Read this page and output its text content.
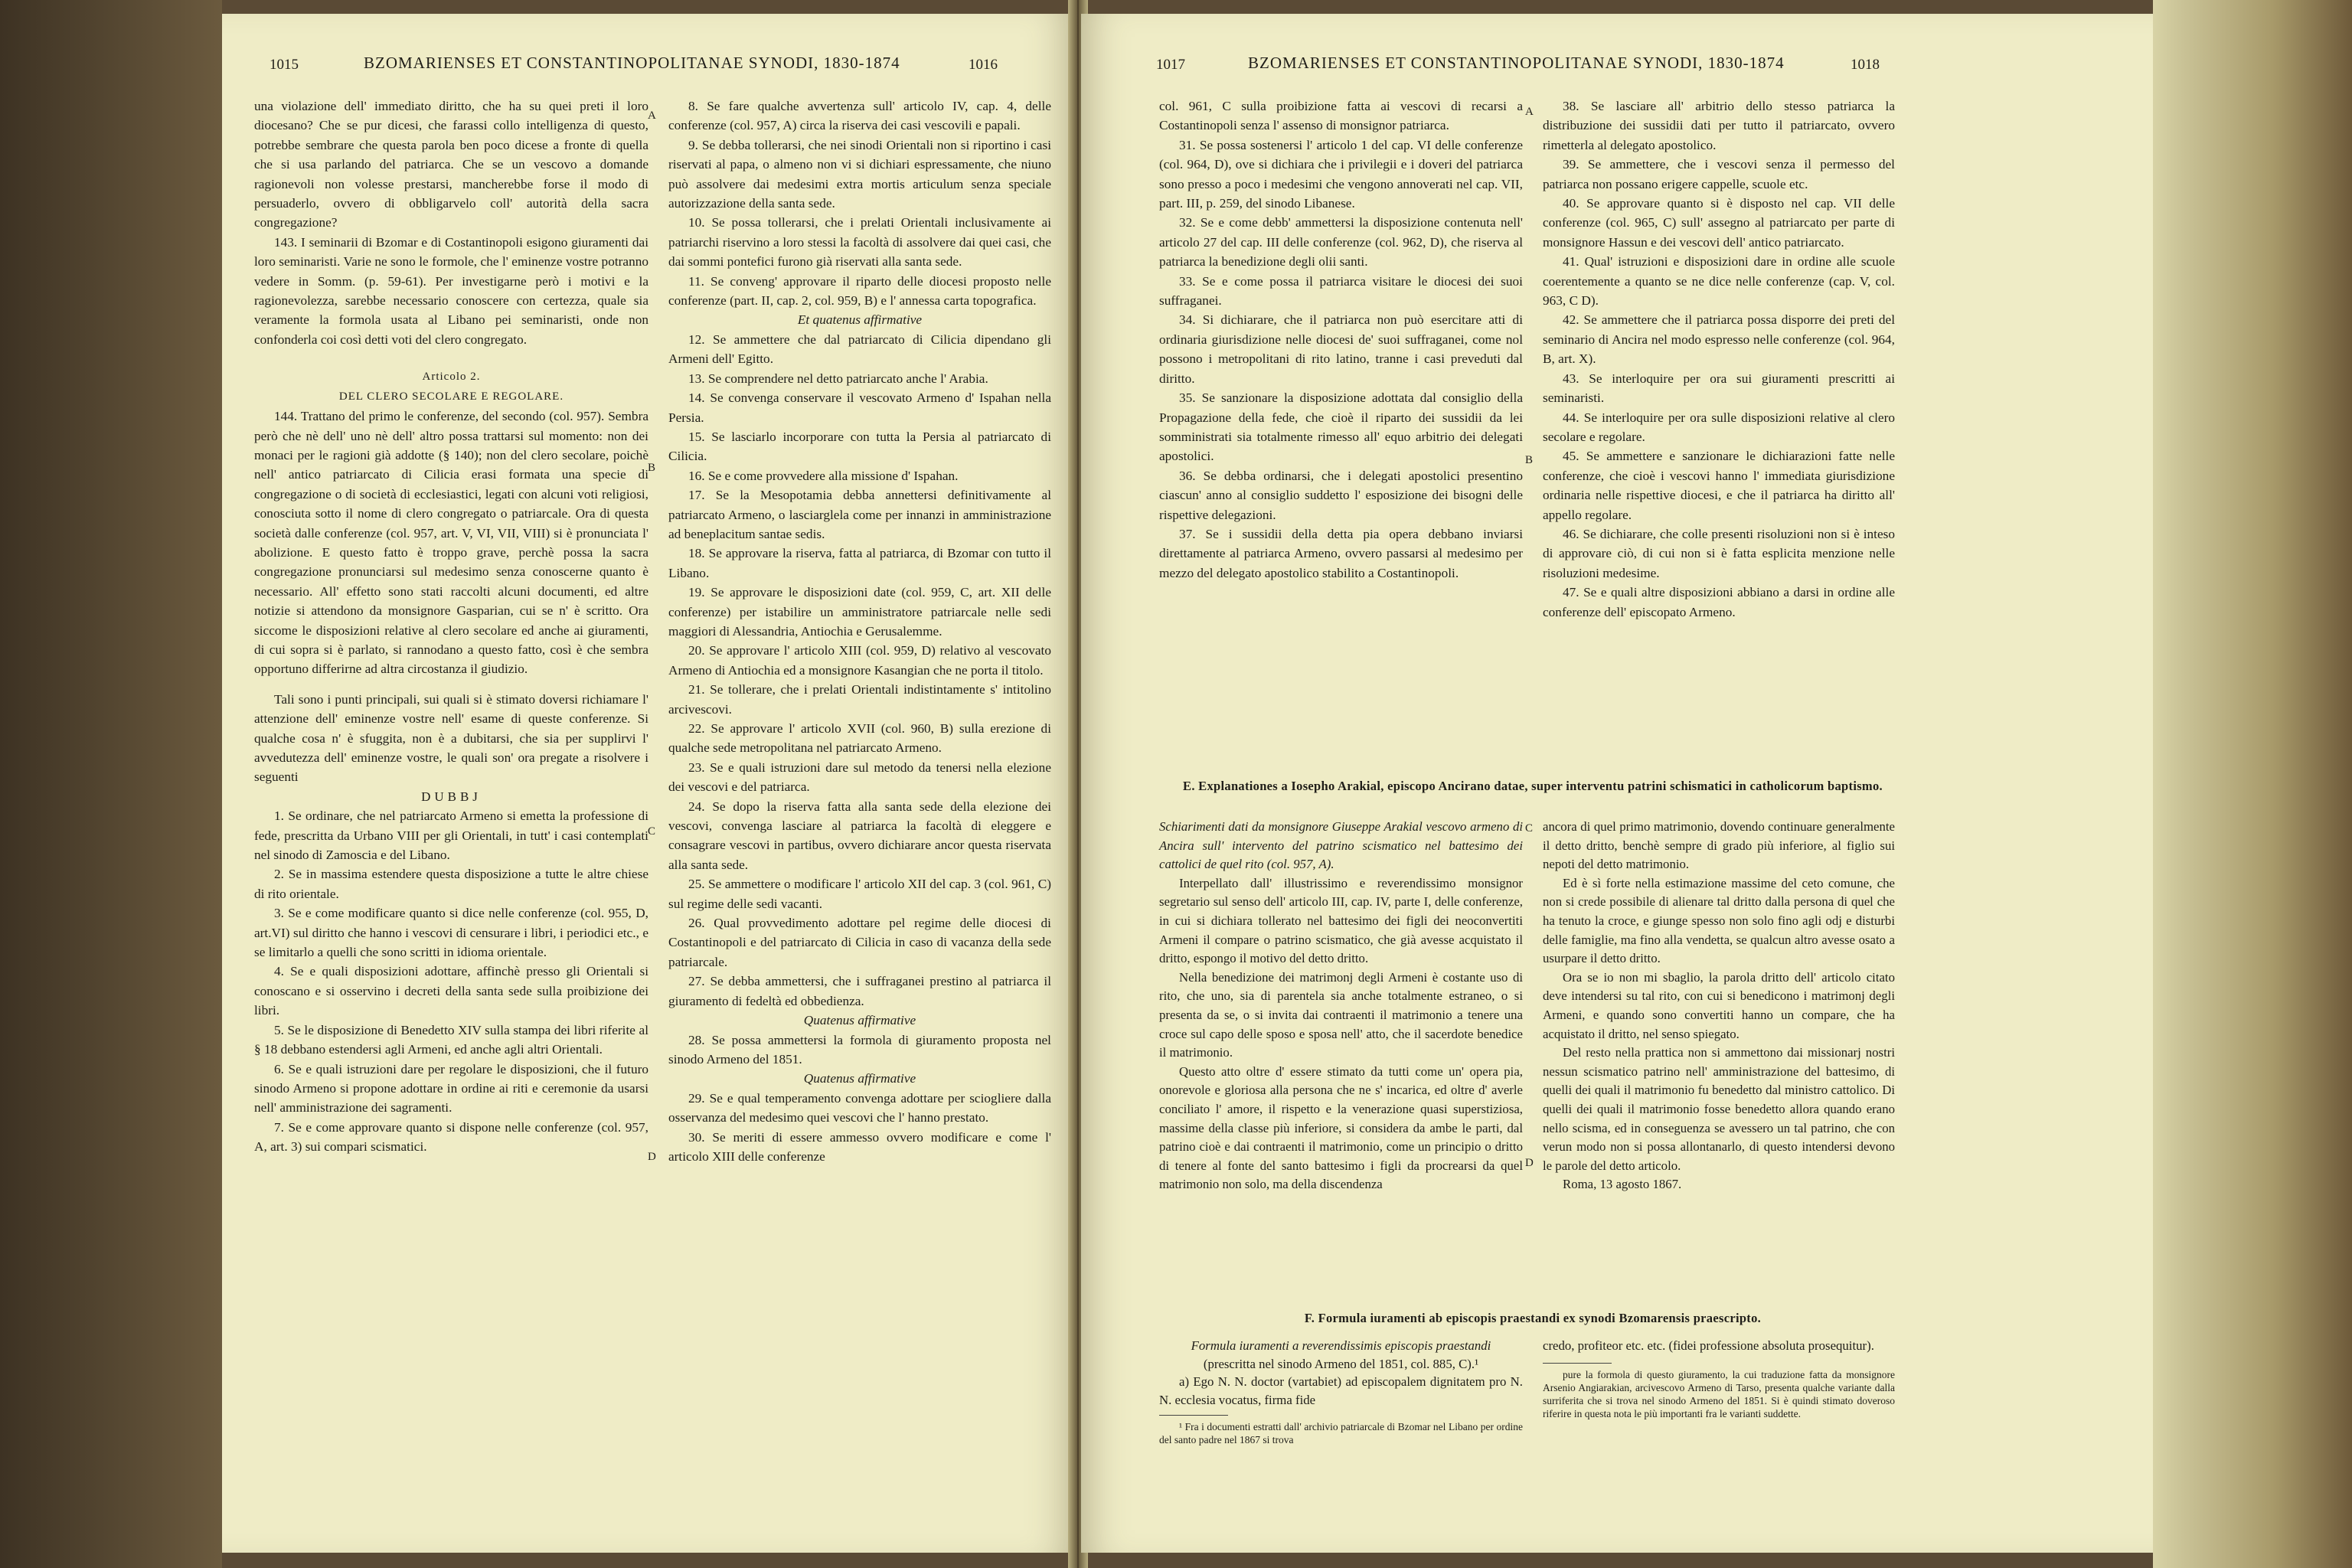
1015	BZOMARIENSES ET CONSTANTINOPOLITANAE SYNODI, 1830-1874	1016

una violazione dell' immediato diritto, che ha su quei preti il loro diocesano? Che se pur dicesi, che farassi collo intelligenza di questo, potrebbe sembrare che questa parola ben poco dicese a fronte di quella che si usa parlando del patriarca. Che se un vescovo a domande ragionevoli non volesse prestarsi, mancherebbe forse il modo di persuaderlo, ovvero di obbligarvelo coll' autorità della sacra congregazione?

143. I seminarii di Bzomar e di Costantinopoli esigono giuramenti dai loro seminaristi. Varie ne sono le formole, che l' eminenze vostre potranno vedere in Somm. (p. 59-61). Per investigarne però i motivi e la ragionevolezza, sarebbe necessario conoscere con certezza, quale sia veramente la formola usata al Libano pei seminaristi, onde non confonderla coi così detti voti del clero congregato.

Articolo 2.

DEL CLERO SECOLARE E REGOLARE.

144. Trattano del primo le conferenze, del secondo (col. 957). Sembra però che nè dell' uno nè dell' altro possa trattarsi sul momento: non dei monaci per le ragioni già addotte (§ 140); non del clero secolare, poichè nell' antico patriarcato di Cilicia erasi formata una specie di congregazione o di società di ecclesiastici, legati con alcuni voti religiosi, conosciuta sotto il nome di clero congregato o patriarcale. Ora di questa società dalle conferenze (col. 957, art. V, VI, VII, VIII) si è pronunciata l' abolizione. E questo fatto è troppo grave, perchè possa la sacra congregazione pronunciarsi sul medesimo senza conoscerne quanto è necessario. All' effetto sono stati raccolti alcuni documenti, ed altre notizie si attendono da monsignore Gasparian, cui se n' è scritto. Ora siccome le disposizioni relative al clero secolare ed anche ai giuramenti, di cui sopra si è parlato, si rannodano a questo fatto, così è che sembra opportuno differirne ad altra circostanza il giudizio.

Tali sono i punti principali, sui quali si è stimato doversi richiamare l' attenzione dell' eminenze vostre nell' esame di queste conferenze. Si qualche cosa n' è sfuggita, non è a dubitarsi, che sia per supplirvi l' avvedutezza dell' eminenze vostre, le quali son' ora pregate a risolvere i seguenti

DUBBJ

1. Se ordinare, che nel patriarcato Armeno si emetta la professione di fede, prescritta da Urbano VIII per gli Orientali, in tutt' i casi contemplati nel sinodo di Zamoscia e del Libano.

2. Se in massima estendere questa disposizione a tutte le altre chiese di rito orientale.

3. Se e come modificare quanto si dice nelle conferenze (col. 955, D, art.VI) sul diritto che hanno i vescovi di censurare i libri, i periodici etc., e se limitarlo a quelli che sono scritti in idioma orientale.

4. Se e quali disposizioni adottare, affinchè presso gli Orientali si conoscano e si osservino i decreti della santa sede sulla proibizione dei libri.

5. Se le disposizione di Benedetto XIV sulla stampa dei libri riferite al § 18 debbano estendersi agli Armeni, ed anche agli altri Orientali.

6. Se e quali istruzioni dare per regolare le disposizioni, che il futuro sinodo Armeno si propone adottare in ordine ai riti e ceremonie da usarsi nell' amministrazione dei sagramenti.

7. Se e come approvare quanto si dispone nelle conferenze (col. 957, A, art. 3) sui compari scismatici.

8. Se fare qualche avvertenza sull' articolo IV, cap. 4, delle conferenze (col. 957, A) circa la riserva dei casi vescovili e papali.

9. Se debba tollerarsi, che nei sinodi Orientali non si riportino i casi riservati al papa, o almeno non vi si dichiari espressamente, che niuno può assolvere dai medesimi extra mortis articulum senza speciale autorizzazione della santa sede.

10. Se possa tollerarsi, che i prelati Orientali inclusivamente ai patriarchi riservino a loro stessi la facoltà di assolvere dai quei casi, che dai sommi pontefici furono già riservati alla santa sede.

11. Se conveng' approvare il riparto delle diocesi proposto nelle conferenze (part. II, cap. 2, col. 959, B) e l' annessa carta topografica.

Et quatenus affirmative

12. Se ammettere che dal patriarcato di Cilicia dipendano gli Armeni dell' Egitto.

13. Se comprendere nel detto patriarcato anche l' Arabia.

14. Se convenga conservare il vescovato Armeno d' Ispahan nella Persia.

15. Se lasciarlo incorporare con tutta la Persia al patriarcato di Cilicia.

16. Se e come provvedere alla missione d' Ispahan.

17. Se la Mesopotamia debba annettersi definitivamente al patriarcato Armeno, o lasciarglela come per innanzi in amministrazione ad beneplacitum santae sedis.

18. Se approvare la riserva, fatta al patriarca, di Bzomar con tutto il Libano.

19. Se approvare le disposizioni date (col. 959, C, art. XII delle conferenze) per istabilire un amministratore patriarcale nelle sedi maggiori di Alessandria, Antiochia e Gerusalemme.

20. Se approvare l' articolo XIII (col. 959, D) relativo al vescovato Armeno di Antiochia ed a monsignore Kasangian che ne porta il titolo.

21. Se tollerare, che i prelati Orientali indistintamente s' intitolino arcivescovi.

22. Se approvare l' articolo XVII (col. 960, B) sulla erezione di qualche sede metropolitana nel patriarcato Armeno.

23. Se e quali istruzioni dare sul metodo da tenersi nella elezione dei vescovi e del patriarca.

24. Se dopo la riserva fatta alla santa sede della elezione dei vescovi, convenga lasciare al patriarca la facoltà di eleggere e consagrare vescovi in partibus, ovvero dichiarare ancor questa riservata alla santa sede.

25. Se ammettere o modificare l' articolo XII del cap. 3 (col. 961, C) sul regime delle sedi vacanti.

26. Qual provvedimento adottare pel regime delle diocesi di Costantinopoli e del patriarcato di Cilicia in caso di vacanza della sede patriarcale.

27. Se debba ammettersi, che i suffraganei prestino al patriarca il giuramento di fedeltà ed obbedienza.

Quatenus affirmative

28. Se possa ammettersi la formola di giuramento proposta nel sinodo Armeno del 1851.

Quatenus affirmative

29. Se e qual temperamento convenga adottare per sciogliere dalla osservanza del medesimo quei vescovi che l' hanno prestato.

30. Se meriti di essere ammesso ovvero modificare e come l' articolo XIII delle conferenze

A
B
C
D
1017	BZOMARIENSES ET CONSTANTINOPOLITANAE SYNODI, 1830-1874	1018

col. 961, C sulla proibizione fatta ai vescovi di recarsi a Costantinopoli senza l' assenso di monsignor patriarca.

31. Se possa sostenersi l' articolo 1 del cap. VI delle conferenze (col. 964, D), ove si dichiara che i privilegii e i doveri del patriarca sono presso a poco i medesimi che vengono annoverati nel cap. VII, part. III, p. 259, del sinodo Libanese.

32. Se e come debb' ammettersi la disposizione contenuta nell' articolo 27 del cap. III delle conferenze (col. 962, D), che riserva al patriarca la benedizione degli olii santi.

33. Se e come possa il patriarca visitare le diocesi dei suoi suffraganei.

34. Si dichiarare, che il patriarca non può esercitare atti di ordinaria giurisdizione nelle diocesi de' suoi suffraganei, come nol possono i metropolitani di rito latino, tranne i casi preveduti dal diritto.

35. Se sanzionare la disposizione adottata dal consiglio della Propagazione della fede, che cioè il riparto dei sussidii da lei somministrati sia totalmente rimesso all' equo arbitrio dei delegati apostolici.

36. Se debba ordinarsi, che i delegati apostolici presentino ciascun' anno al consiglio suddetto l' esposizione dei bisogni delle rispettive delegazioni.

37. Se i sussidii della detta pia opera debbano inviarsi direttamente al patriarca Armeno, ovvero passarsi al medesimo per mezzo del delegato apostolico stabilito a Costantinopoli.

38. Se lasciare all' arbitrio dello stesso patriarca la distribuzione dei sussidii dati per tutto il patriarcato, ovvero rimetterla al delegato apostolico.

39. Se ammettere, che i vescovi senza il permesso del patriarca non possano erigere cappelle, scuole etc.

40. Se approvare quanto si è disposto nel cap. VII delle conferenze (col. 965, C) sull' assegno al patriarcato per parte di monsignore Hassun e dei vescovi dell' antico patriarcato.

41. Qual' istruzioni e disposizioni dare in ordine alle scuole coerentemente a quanto se ne dice nelle conferenze (cap. V, col. 963, C D).

42. Se ammettere che il patriarca possa disporre dei preti del seminario di Ancira nel modo espresso nelle conferenze (col. 964, B, art. X).

43. Se interloquire per ora sui giuramenti prescritti ai seminaristi.

44. Se interloquire per ora sulle disposizioni relative al clero secolare e regolare.

45. Se ammettere e sanzionare le dichiarazioni fatte nelle conferenze, che cioè i vescovi hanno l' immediata giurisdizione ordinaria nelle rispettive diocesi, e che il patriarca ha diritto all' appello regolare.

46. Se dichiarare, che colle presenti risoluzioni non si è inteso di approvare ciò, di cui non si è fatta esplicita menzione nelle risoluzioni medesime.

47. Se e quali altre disposizioni abbiano a darsi in ordine alle conferenze dell' episcopato Armeno.

E. Explanationes a Iosepho Arakial, episcopo Anciranо datae, super interventu patrini schismatici in catholicorum baptismo.

Schiarimenti dati da monsignore Giuseppe Arakial vescovo armeno di Ancira sull' intervento del patrino scismatico nel battesimo dei cattolici de quel rito (col. 957, A).

Interpellato dall' illustrissimo e reverendissimo monsignor segretario sul senso dell' articolo III, cap. IV, parte I, delle conferenze, in cui si dichiara tollerato nel battesimo dei figli dei neoconvertiti Armeni il compare o patrino scismatico, che già avesse acquistato il dritto, espongo il motivo del detto dritto.

Nella benedizione dei matrimonj degli Armeni è costante uso di rito, che uno, sia di parentela sia anche totalmente estraneo, o si presenta da se, o si invita dai contraenti il matrimonio a tenere una croce sul capo delle sposo e sposa nell' atto, che il sacerdote benedice il matrimonio.

Questo atto oltre d' essere stimato da tutti come un' opera pia, onorevole e gloriosa alla persona che ne s' incarica, ed oltre d' averle conciliato l' amore, il rispetto e la venerazione quasi superstiziosa, massime della classe più inferiore, si considera da ambe le parti, dal patrino cioè e dai contraenti il matrimonio, come un principio o dritto di tenere al fonte del santo battesimo i figli da procrearsi da quel matrimonio non solo, ma della discendenza

ancora di quel primo matrimonio, dovendo continuare generalmente il detto dritto, benchè sempre di grado più inferiore, al figlio sui nepoti del detto matrimonio.

Ed è sì forte nella estimazione massime del ceto comune, che non si crede possibile di alienare tal dritto dalla persona di quel che ha tenuto la croce, e giunge spesso non solo fino agli odj e disturbi delle famiglie, ma fino alla vendetta, se qualcun altro avesse osato a usurpare il detto dritto.

Ora se io non mi sbaglio, la parola dritto dell' articolo citato deve intendersi su tal rito, con cui si benedicono i matrimonj degli Armeni, e quando sono convertiti hanno un compare, che ha acquistato il dritto, nel senso spiegato.

Del resto nella prattica non si ammettono dai missionarj nostri nessun scismatico patrino nell' amministrazione del battesimo, di quelli dei quali il matrimonio fu benedetto dal ministro cattolico. Di quelli dei quali il matrimonio fosse benedetto allora quando erano nello scisma, ed in conseguenza se avessero un tal patrino, che con verun modo non si possa allontanarlo, di questo intendersi devono le parole del detto articolo.

Roma, 13 agosto 1867.

F. Formula iuramenti ab episcopis praestandi ex synodi Bzomarensis praescripto.

Formula iuramenti a reverendissimis episcopis praestandi

(prescritta nel sinodo Armeno del 1851, col. 885, C).¹

a) Ego N. N. doctor (vartabiet) ad episcopalem dignitatem pro N. N. ecclesia vocatus, firma fide

¹ Fra i documenti estratti dall' archivio patriarcale di Bzomar nel Libano per ordine del santo padre nel 1867 si trova

credo, profiteor etc. etc. (fidei professione absoluta prosequitur).

pure la formola di questo giuramento, la cui traduzione fatta da monsignore Arsenio Angiarakian, arcivescovo Armeno di Tarso, presenta qualche variante dalla surriferita che si trova nel sinodo Armeno del 1851. Si è quindi stimato doveroso riferire in questa nota le più importanti fra le varianti suddette.

A
B
C
D
